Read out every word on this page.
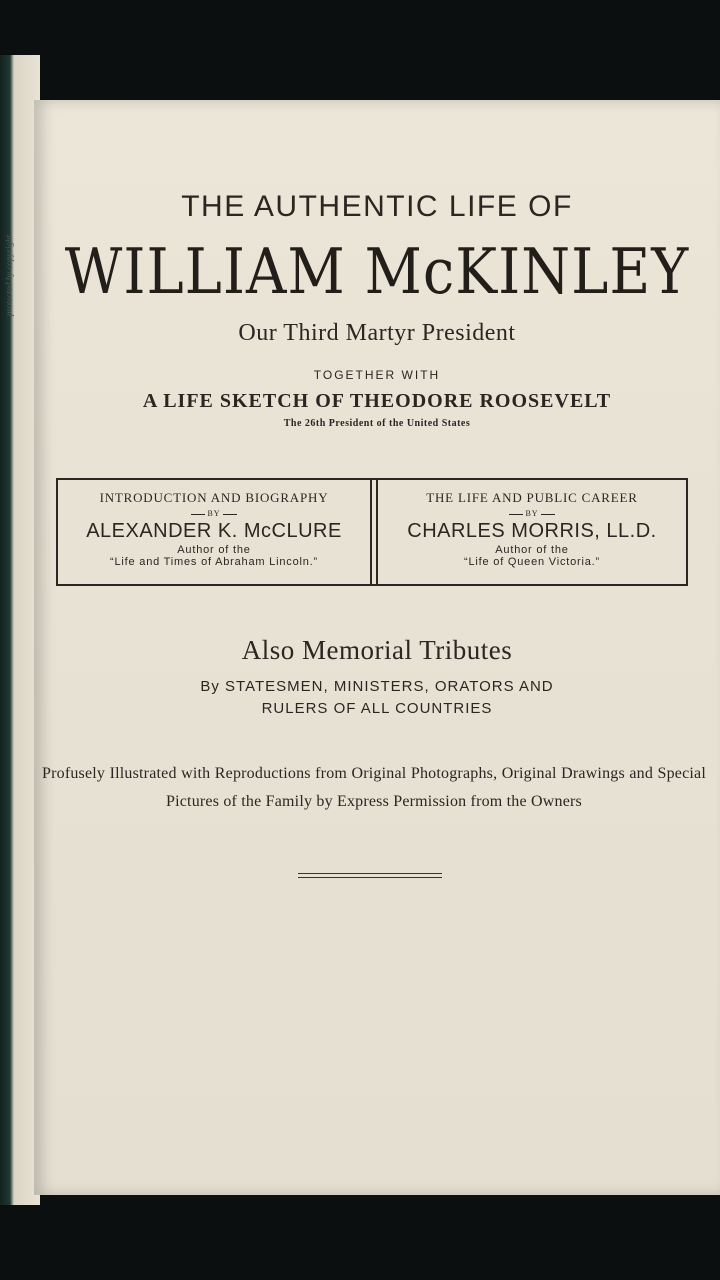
protected by copyright
THE AUTHENTIC LIFE OF
WILLIAM McKINLEY
Our Third Martyr President
TOGETHER WITH
A LIFE SKETCH OF THEODORE ROOSEVELT
The 26th President of the United States
INTRODUCTION AND BIOGRAPHY
BY
ALEXANDER K. McCLURE
Author of the
“Life and Times of Abraham Lincoln.”
THE LIFE AND PUBLIC CAREER
BY
CHARLES MORRIS, LL.D.
Author of the
“Life of Queen Victoria.”
Also Memorial Tributes
By STATESMEN, MINISTERS, ORATORS AND
RULERS OF ALL COUNTRIES
Profusely Illustrated with Reproductions from Original Photographs, Original Drawings and Special Pictures of the Family by Express Permission from the Owners
